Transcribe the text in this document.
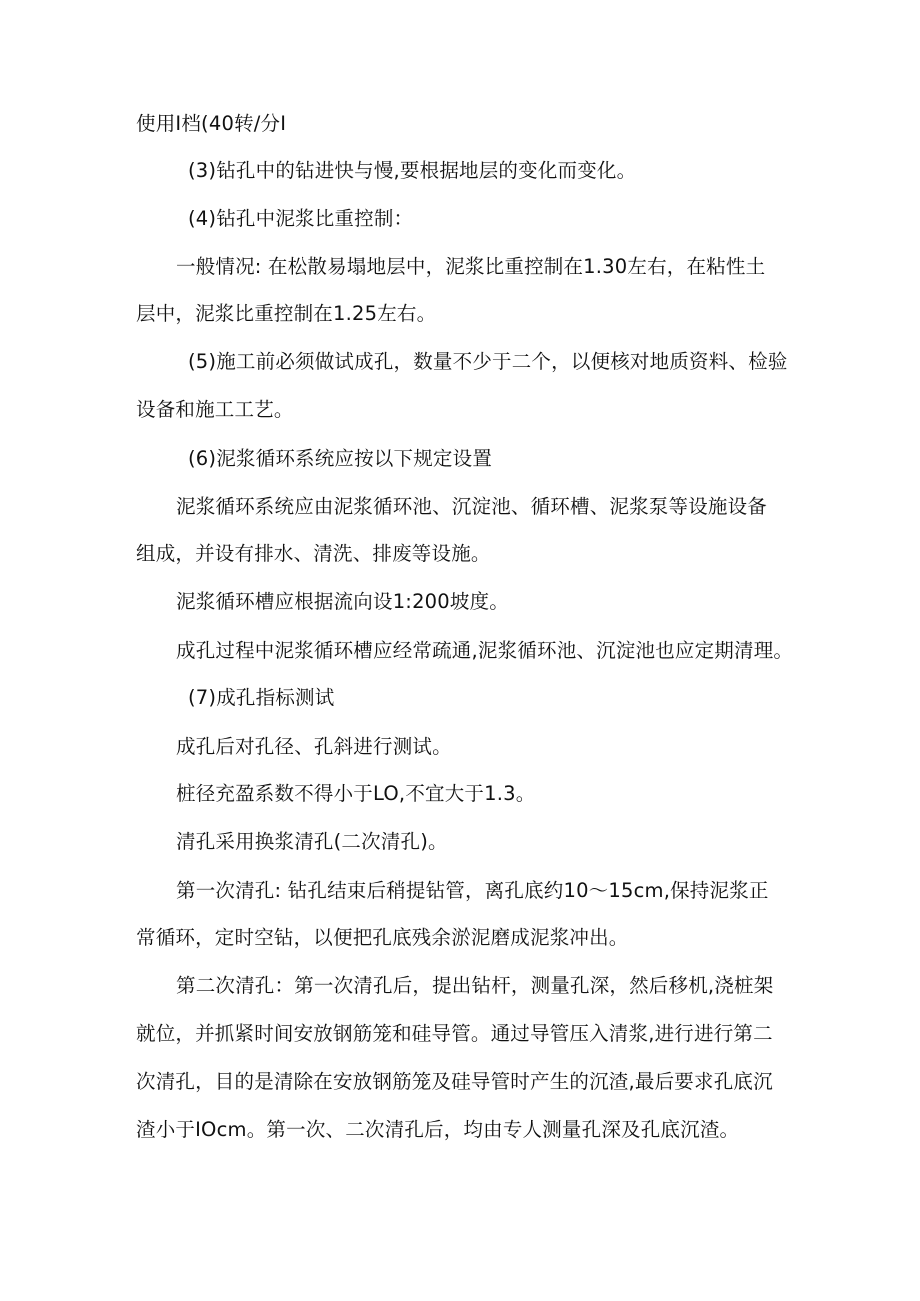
使用Ⅰ档(40转/分Ⅰ

(3)钻孔中的钻进快与慢,要根据地层的变化而变化。

(4)钻孔中泥浆比重控制：

一般情况: 在松散易塌地层中，泥浆比重控制在1.30左右，在粘性土

层中，泥浆比重控制在1.25左右。

(5)施工前必须做试成孔，数量不少于二个，以便核对地质资料、检验

设备和施工工艺。

(6)泥浆循环系统应按以下规定设置

泥浆循环系统应由泥浆循环池、沉淀池、循环槽、泥浆泵等设施设备

组成，并设有排水、清洗、排废等设施。

泥浆循环槽应根据流向设1:200坡度。

成孔过程中泥浆循环槽应经常疏通,泥浆循环池、沉淀池也应定期清理。

(7)成孔指标测试

成孔后对孔径、孔斜进行测试。

桩径充盈系数不得小于LO,不宜大于1.3。

清孔采用换浆清孔(二次清孔)。

第一次清孔: 钻孔结束后稍提钻管，离孔底约10～15cm,保持泥浆正

常循环，定时空钻，以便把孔底残余淤泥磨成泥浆冲出。

第二次清孔：第一次清孔后，提出钻杆，测量孔深，然后移机,浇桩架

就位，并抓紧时间安放钢筋笼和硅导管。通过导管压入清浆,进行进行第二

次清孔，目的是清除在安放钢筋笼及硅导管时产生的沉渣,最后要求孔底沉

渣小于IOcm。第一次、二次清孔后，均由专人测量孔深及孔底沉渣。
